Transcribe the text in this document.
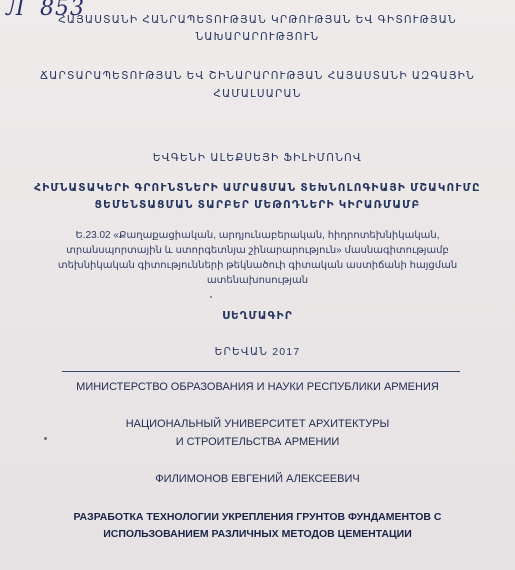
Л 853
ՀԱՅԱՍՏԱՆԻ ՀԱՆՐԱՊԵՏՈՒԹՅԱՆ ԿՐԹՈՒԹՅԱՆ ԵՎ ԳԻՏՈՒԹՅԱՆ
ՆԱԽԱՐԱՐՈՒԹՅՈՒՆ
ՃԱՐՏԱՐԱՊԵՏՈՒԹՅԱՆ ԵՎ ՇԻՆԱՐԱՐՈՒԹՅԱՆ ՀԱՅԱՍՏԱՆԻ ԱԶԳԱՅԻՆ
ՀԱՄԱԼՍԱՐԱՆ
ԵՎԳԵՆԻ ԱԼԵՔՍԵՅԻ ՖԻԼԻՄՈՆՈՎ
ՀԻՄՆԱՏԱԿԵՐԻ ԳՐՈՒՆՏՆԵՐԻ ԱՄՐԱՑՄԱՆ ՏԵԽՆՈԼՈԳԻԱՅԻ ՄՇԱԿՈՒՄԸ
ՑԵՄԵՆՏԱՑՄԱՆ ՏԱՐԲԵՐ ՄԵԹՈԴՆԵՐԻ ԿԻՐԱՌՄԱՄԲ
Ե.23.02 «Քաղաքացիական, արդյունաբերական, հիդրոտեխնիկական,
տրանսպորտային և ստորգետնյա շինարարություն» մասնագիտությամբ
տեխնիկական գիտությունների թեկնածուի գիտական աստիճանի հայցման
ատենախոսության
ՍԵՂՄԱԳԻՐ
ԵՐԵՎԱՆ 2017
МИНИСТЕРСТВО ОБРАЗОВАНИЯ И НАУКИ РЕСПУБЛИКИ АРМЕНИЯ
НАЦИОНАЛЬНЫЙ УНИВЕРСИТЕТ АРХИТЕКТУРЫ
И СТРОИТЕЛЬСТВА АРМЕНИИ
ФИЛИМОНОВ ЕВГЕНИЙ АЛЕКСЕЕВИЧ
РАЗРАБОТКА ТЕХНОЛОГИИ УКРЕПЛЕНИЯ ГРУНТОВ ФУНДАМЕНТОВ С
ИСПОЛЬЗОВАНИЕМ РАЗЛИЧНЫХ МЕТОДОВ ЦЕМЕНТАЦИИ
